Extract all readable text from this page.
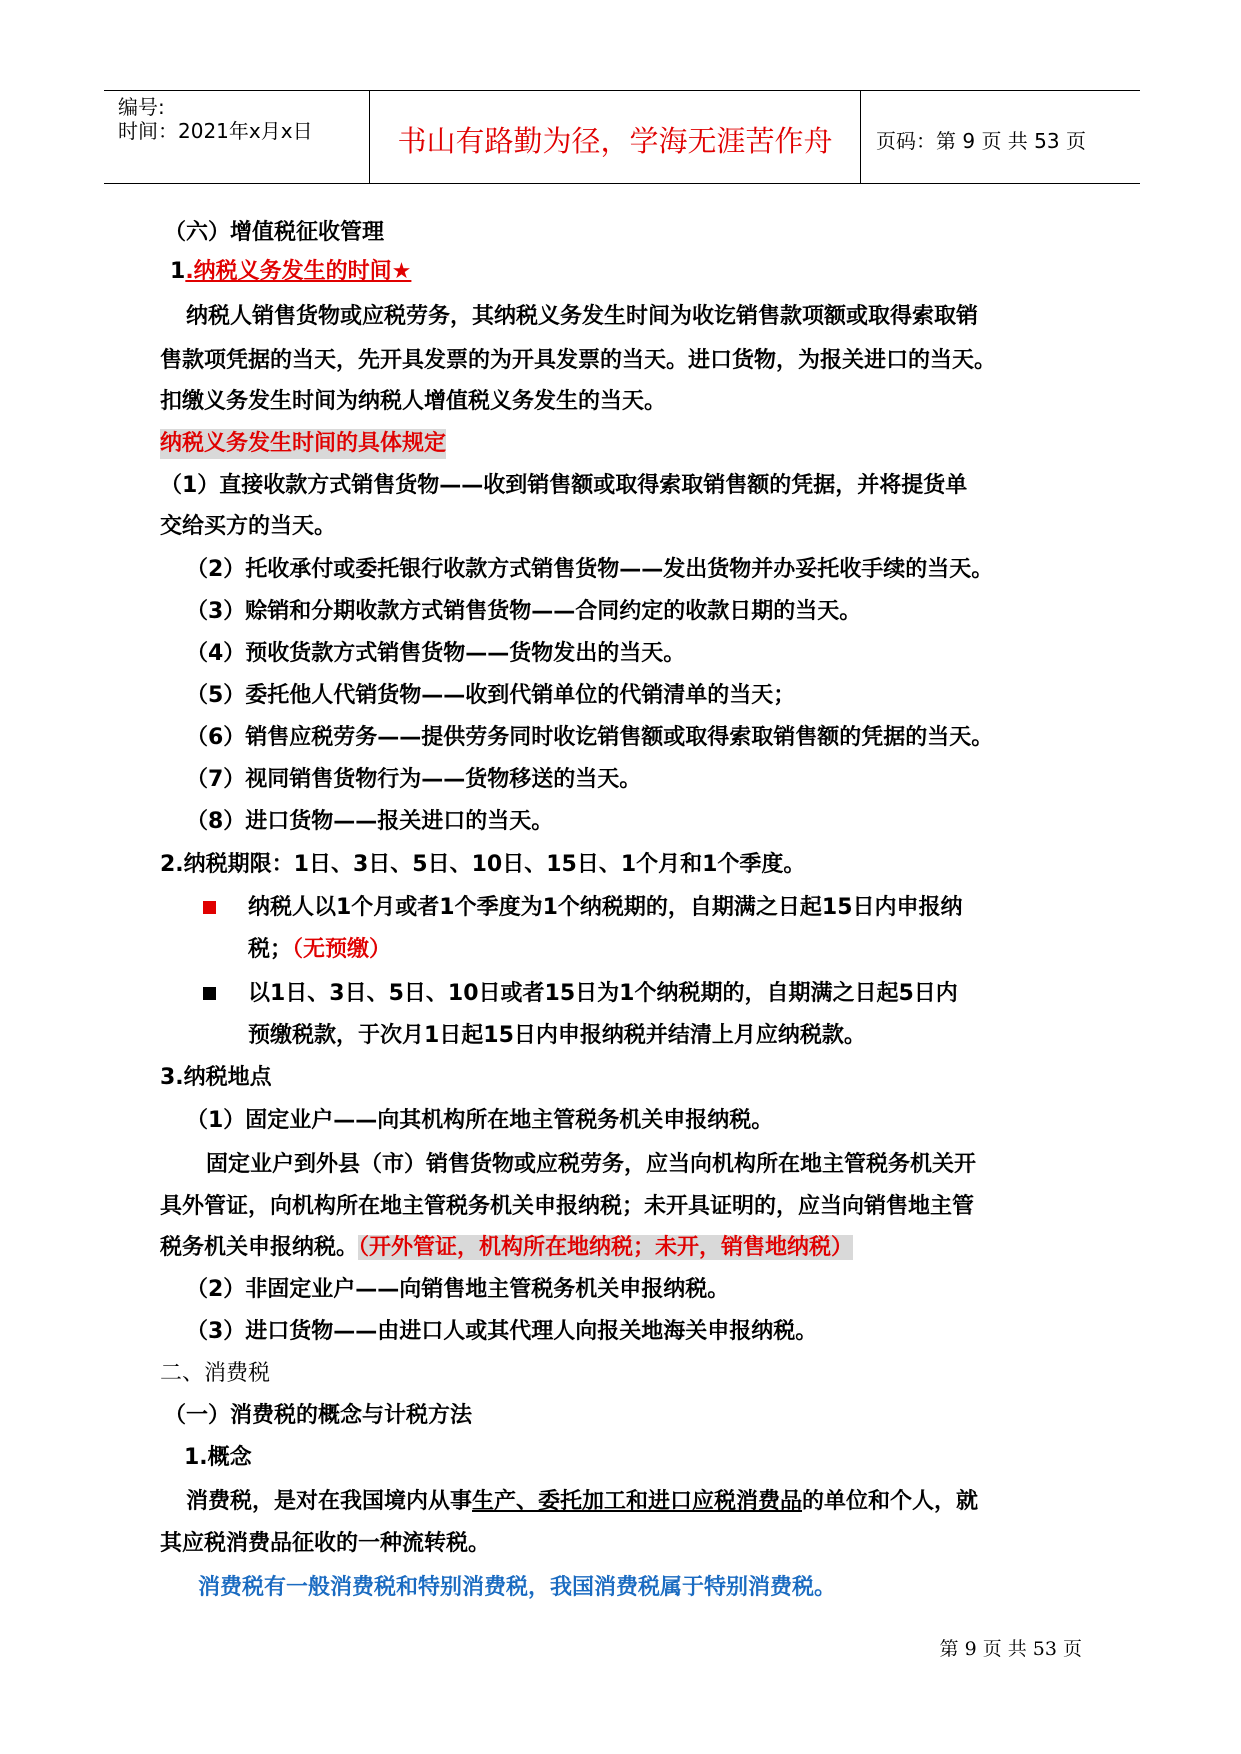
编号:
时间：2021年x月x日	书山有路勤为径，学海无涯苦作舟	页码：第 9 页 共 53 页
（六）增值税征收管理
1.纳税义务发生的时间★
纳税人销售货物或应税劳务，其纳税义务发生时间为收讫销售款项额或取得索取销
售款项凭据的当天，先开具发票的为开具发票的当天。进口货物，为报关进口的当天。
扣缴义务发生时间为纳税人增值税义务发生的当天。
纳税义务发生时间的具体规定
（1）直接收款方式销售货物——收到销售额或取得索取销售额的凭据，并将提货单
交给买方的当天。
（2）托收承付或委托银行收款方式销售货物——发出货物并办妥托收手续的当天。
（3）赊销和分期收款方式销售货物——合同约定的收款日期的当天。
（4）预收货款方式销售货物——货物发出的当天。
（5）委托他人代销货物——收到代销单位的代销清单的当天；
（6）销售应税劳务——提供劳务同时收讫销售额或取得索取销售额的凭据的当天。
（7）视同销售货物行为——货物移送的当天。
（8）进口货物——报关进口的当天。
2.纳税期限：1日、3日、5日、10日、15日、1个月和1个季度。
纳税人以1个月或者1个季度为1个纳税期的，自期满之日起15日内申报纳
税；（无预缴）
以1日、3日、5日、10日或者15日为1个纳税期的，自期满之日起5日内
预缴税款，于次月1日起15日内申报纳税并结清上月应纳税款。
3.纳税地点
（1）固定业户——向其机构所在地主管税务机关申报纳税。
固定业户到外县（市）销售货物或应税劳务，应当向机构所在地主管税务机关开
具外管证，向机构所在地主管税务机关申报纳税；未开具证明的，应当向销售地主管
税务机关申报纳税。（开外管证，机构所在地纳税；未开，销售地纳税）
（2）非固定业户——向销售地主管税务机关申报纳税。
（3）进口货物——由进口人或其代理人向报关地海关申报纳税。
二、消费税
（一）消费税的概念与计税方法
1.概念
消费税，是对在我国境内从事生产、委托加工和进口应税消费品的单位和个人，就
其应税消费品征收的一种流转税。
消费税有一般消费税和特别消费税，我国消费税属于特别消费税。
第 9 页 共 53 页
